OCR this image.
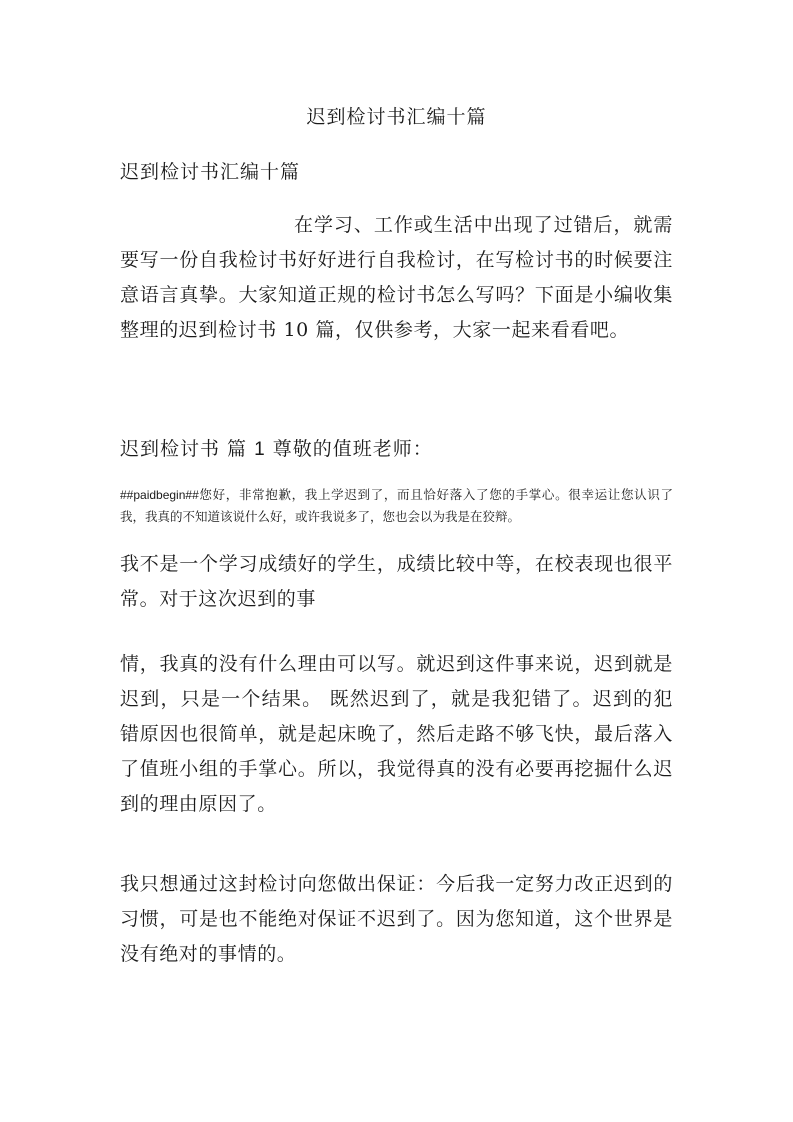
迟到检讨书汇编十篇

迟到检讨书汇编十篇

在学习、工作或生活中出现了过错后，就需要写一份自我检讨书好好进行自我检讨，在写检讨书的时候要注意语言真挚。大家知道正规的检讨书怎么写吗？下面是小编收集整理的迟到检讨书 10 篇，仅供参考，大家一起来看看吧。

迟到检讨书 篇 1 尊敬的值班老师：

##paidbegin##您好，非常抱歉，我上学迟到了，而且恰好落入了您的手掌心。很幸运让您认识了我，我真的不知道该说什么好，或许我说多了，您也会以为我是在狡辩。

我不是一个学习成绩好的学生，成绩比较中等，在校表现也很平常。对于这次迟到的事

情，我真的没有什么理由可以写。就迟到这件事来说，迟到就是迟到，只是一个结果。 既然迟到了，就是我犯错了。迟到的犯错原因也很简单，就是起床晚了，然后走路不够飞快，最后落入了值班小组的手掌心。所以，我觉得真的没有必要再挖掘什么迟到的理由原因了。

我只想通过这封检讨向您做出保证：今后我一定努力改正迟到的习惯，可是也不能绝对保证不迟到了。因为您知道，这个世界是没有绝对的事情的。
